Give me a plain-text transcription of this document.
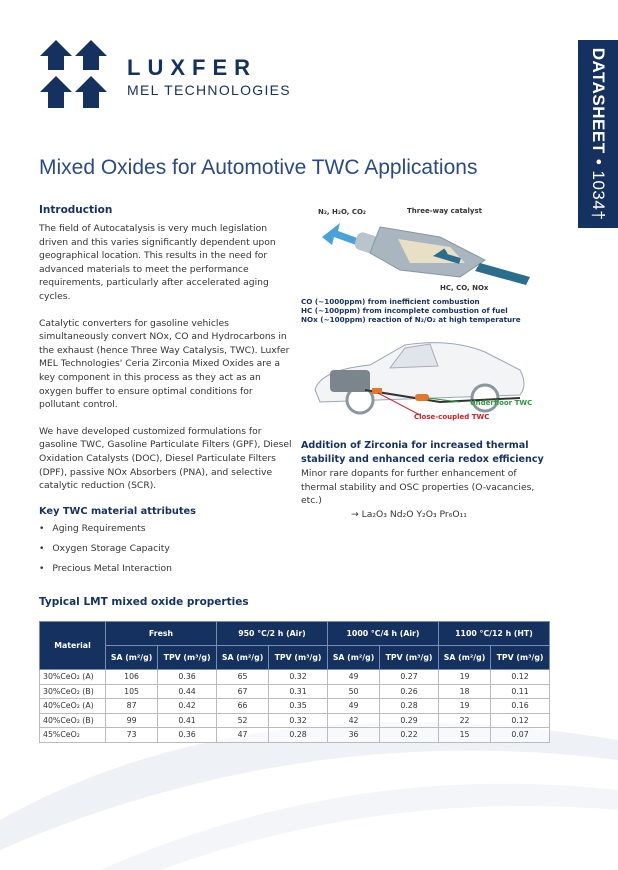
LUXFER
MEL TECHNOLOGIES	DATASHEET • 1034†
Mixed Oxides for Automotive TWC Applications
Introduction
The field of Autocatalysis is very much legislation driven and this varies significantly dependent upon geographical location. This results in the need for advanced materials to meet the performance requirements, particularly after accelerated aging cycles.
Catalytic converters for gasoline vehicles simultaneously convert NOx, CO and Hydrocarbons in the exhaust (hence Three Way Catalysis, TWC). Luxfer MEL Technologies' Ceria Zirconia Mixed Oxides are a key component in this process as they act as an oxygen buffer to ensure optimal conditions for pollutant control.
We have developed customized formulations for gasoline TWC, Gasoline Particulate Filters (GPF), Diesel Oxidation Catalysts (DOC), Diesel Particulate Filters (DPF), passive NOx Absorbers (PNA), and selective catalytic reduction (SCR).
Key TWC material attributes
• Aging Requirements
• Oxygen Storage Capacity
• Precious Metal Interaction
N₂, H₂O, CO₂	Three-way catalyst
HC, CO, NOx
CO (~1000ppm) from inefficient combustion
HC (~100ppm) from incomplete combustion of fuel
NOx (~100ppm) reaction of N₂/O₂ at high temperature
Underfloor TWC
Close-coupled TWC
Addition of Zirconia for increased thermal stability and enhanced ceria redox efficiency
Minor rare dopants for further enhancement of thermal stability and OSC properties (O-vacancies, etc.)
→ La₂O₃ Nd₂O Y₂O₃ Pr₆O₁₁
Typical LMT mixed oxide properties
Material	Fresh		950 °C/2 h (Air)		1000 °C/4 h (Air)		1100 °C/12 h (HT)	
	SA (m²/g)	TPV (m³/g)	SA (m²/g)	TPV (m³/g)	SA (m²/g)	TPV (m³/g)	SA (m²/g)	TPV (m³/g)
30%CeO₂ (A)	106	0.36	65	0.32	49	0.27	19	0.12
30%CeO₂ (B)	105	0.44	67	0.31	50	0.26	18	0.11
40%CeO₂ (A)	87	0.42	66	0.35	49	0.28	19	0.16
40%CeO₂ (B)	99	0.41	52	0.32	42	0.29	22	0.12
45%CeO₂	73	0.36	47	0.28	36	0.22	15	0.07
